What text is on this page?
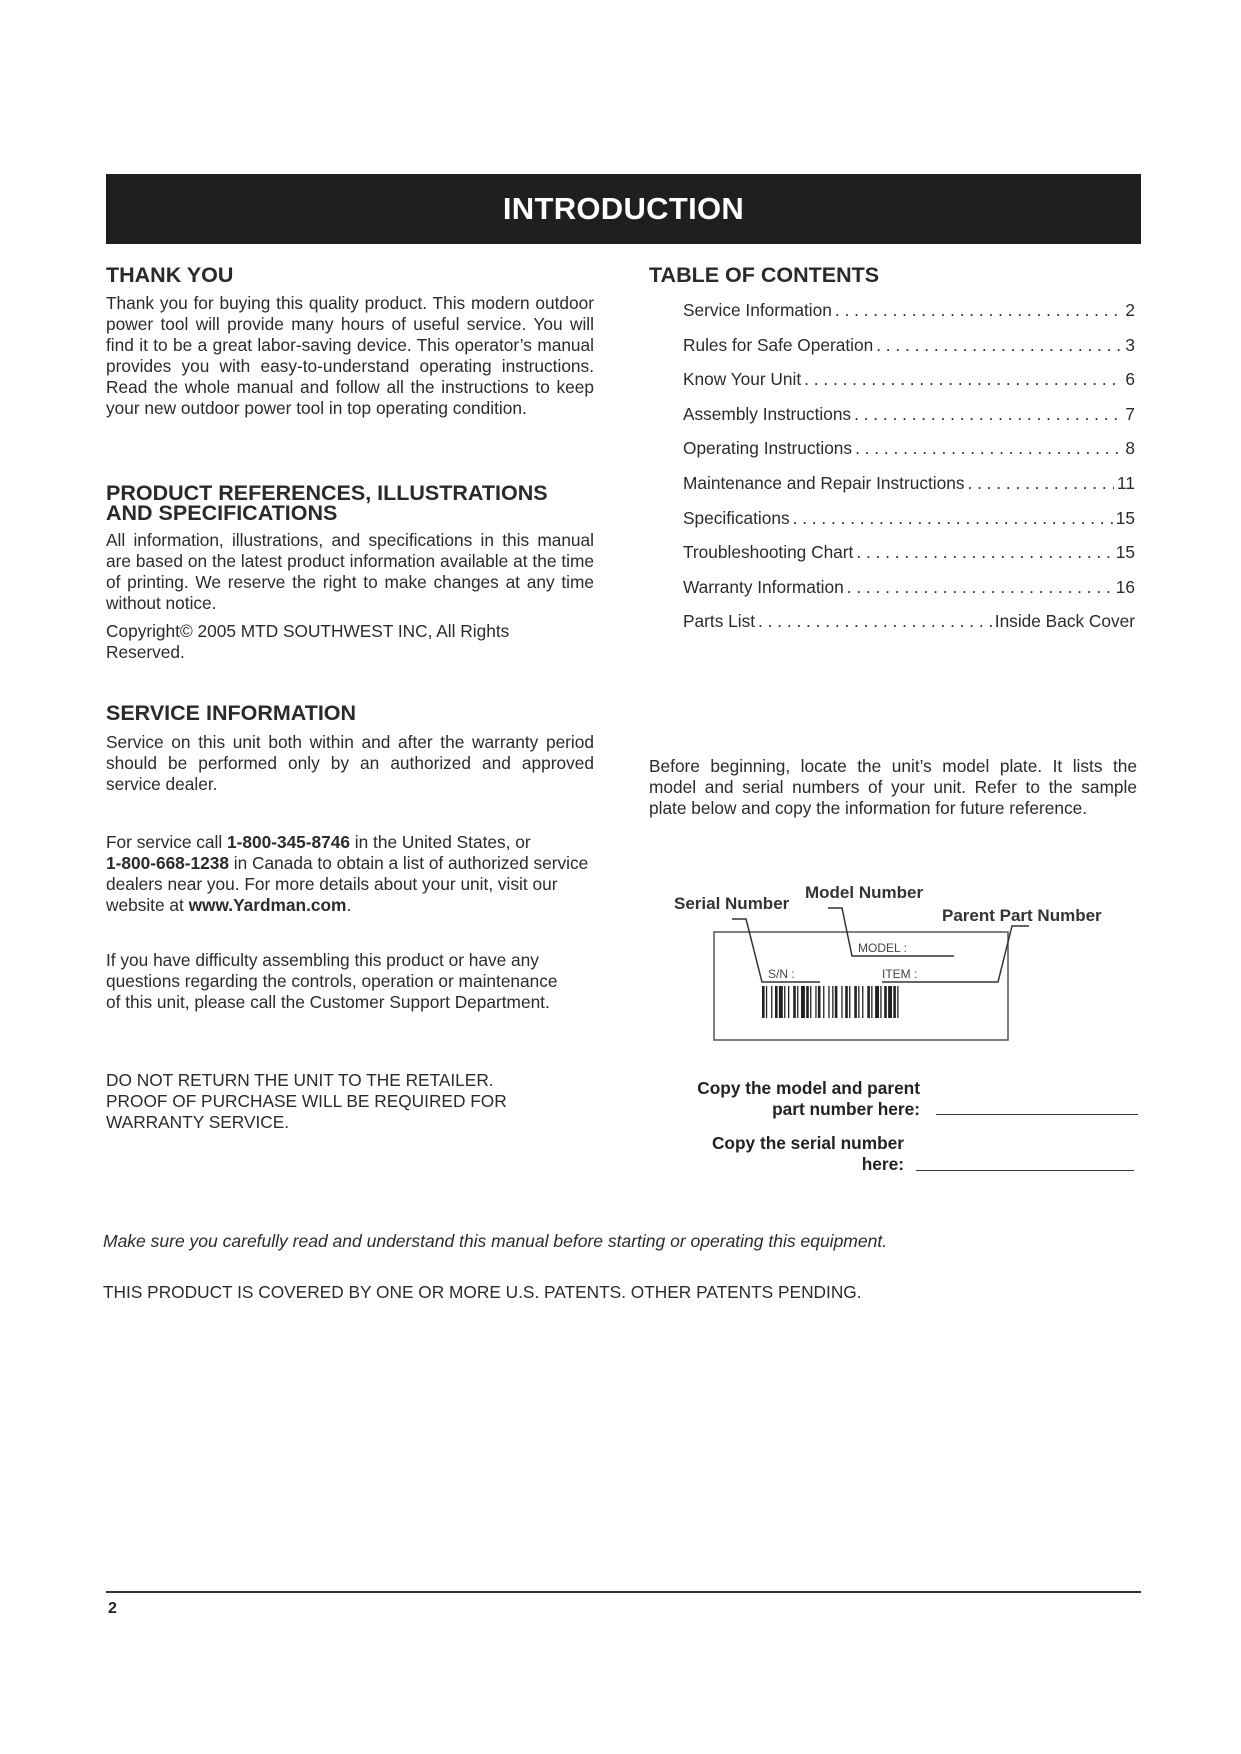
INTRODUCTION
THANK YOU

Thank you for buying this quality product. This modern outdoor power tool will provide many hours of useful service. You will find it to be a great labor-saving device. This operator’s manual provides you with easy-to-understand operating instructions. Read the whole manual and follow all the instructions to keep your new outdoor power tool in top operating condition.

PRODUCT REFERENCES, ILLUSTRATIONS
AND SPECIFICATIONS

All information, illustrations, and specifications in this manual are based on the latest product information available at the time of printing. We reserve the right to make changes at any time without notice.

Copyright© 2005 MTD SOUTHWEST INC, All Rights Reserved.

SERVICE INFORMATION

Service on this unit both within and after the warranty period should be performed only by an authorized and approved service dealer.

For service call 1-800-345-8746 in the United States, or
1-800-668-1238 in Canada to obtain a list of authorized service dealers near you. For more details about your unit, visit our website at www.Yardman.com.

If you have difficulty assembling this product or have any questions regarding the controls, operation or maintenance of this unit, please call the Customer Support Department.

DO NOT RETURN THE UNIT TO THE RETAILER.
PROOF OF PURCHASE WILL BE REQUIRED FOR
WARRANTY SERVICE.

TABLE OF CONTENTS
Service Information . . .	2
Rules for Safe Operation . . .	3
Know Your Unit . . .	6
Assembly Instructions . . .	7
Operating Instructions . . .	8
Maintenance and Repair Instructions . . .	11
Specifications . . .	15
Troubleshooting Chart . . .	15
Warranty Information . . .	16
Parts List . . .	Inside Back Cover

Before beginning, locate the unit’s model plate. It lists the model and serial numbers of your unit. Refer to the sample plate below and copy the information for future reference.

Serial Number
Model Number
Parent Part Number
MODEL :
S/N :	ITEM :
Copy the model and parent
part number here:
Copy the serial number
here:
Make sure you carefully read and understand this manual before starting or operating this equipment.
THIS PRODUCT IS COVERED BY ONE OR MORE U.S. PATENTS. OTHER PATENTS PENDING.
2
